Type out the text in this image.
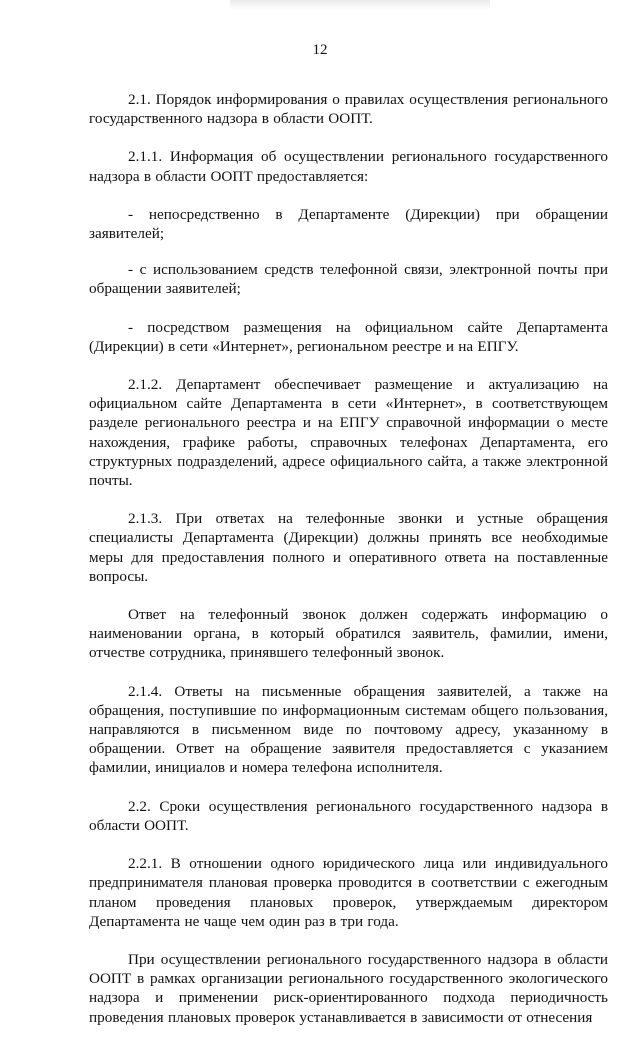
12

2.1. Порядок информирования о правилах осуществления регионального государственного надзора в области ООПТ.

2.1.1. Информация об осуществлении регионального государственного надзора в области ООПТ предоставляется:

- непосредственно в Департаменте (Дирекции) при обращении заявителей;

- с использованием средств телефонной связи, электронной почты при обращении заявителей;

- посредством размещения на официальном сайте Департамента (Дирекции) в сети «Интернет», региональном реестре и на ЕПГУ.

2.1.2. Департамент обеспечивает размещение и актуализацию на официальном сайте Департамента в сети «Интернет», в соответствующем разделе регионального реестра и на ЕПГУ справочной информации о месте нахождения, графике работы, справочных телефонах Департамента, его структурных подразделений, адресе официального сайта, а также электронной почты.

2.1.3. При ответах на телефонные звонки и устные обращения специалисты Департамента (Дирекции) должны принять все необходимые меры для предоставления полного и оперативного ответа на поставленные вопросы.

Ответ на телефонный звонок должен содержать информацию о наименовании органа, в который обратился заявитель, фамилии, имени, отчестве сотрудника, принявшего телефонный звонок.

2.1.4. Ответы на письменные обращения заявителей, а также на обращения, поступившие по информационным системам общего пользования, направляются в письменном виде по почтовому адресу, указанному в обращении. Ответ на обращение заявителя предоставляется с указанием фамилии, инициалов и номера телефона исполнителя.

2.2. Сроки осуществления регионального государственного надзора в области ООПТ.

2.2.1. В отношении одного юридического лица или индивидуального предпринимателя плановая проверка проводится в соответствии с ежегодным планом проведения плановых проверок, утверждаемым директором Департамента не чаще чем один раз в три года.

При осуществлении регионального государственного надзора в области ООПТ в рамках организации регионального государственного экологического надзора и применении риск-ориентированного подхода периодичность проведения плановых проверок устанавливается в зависимости от отнесения
